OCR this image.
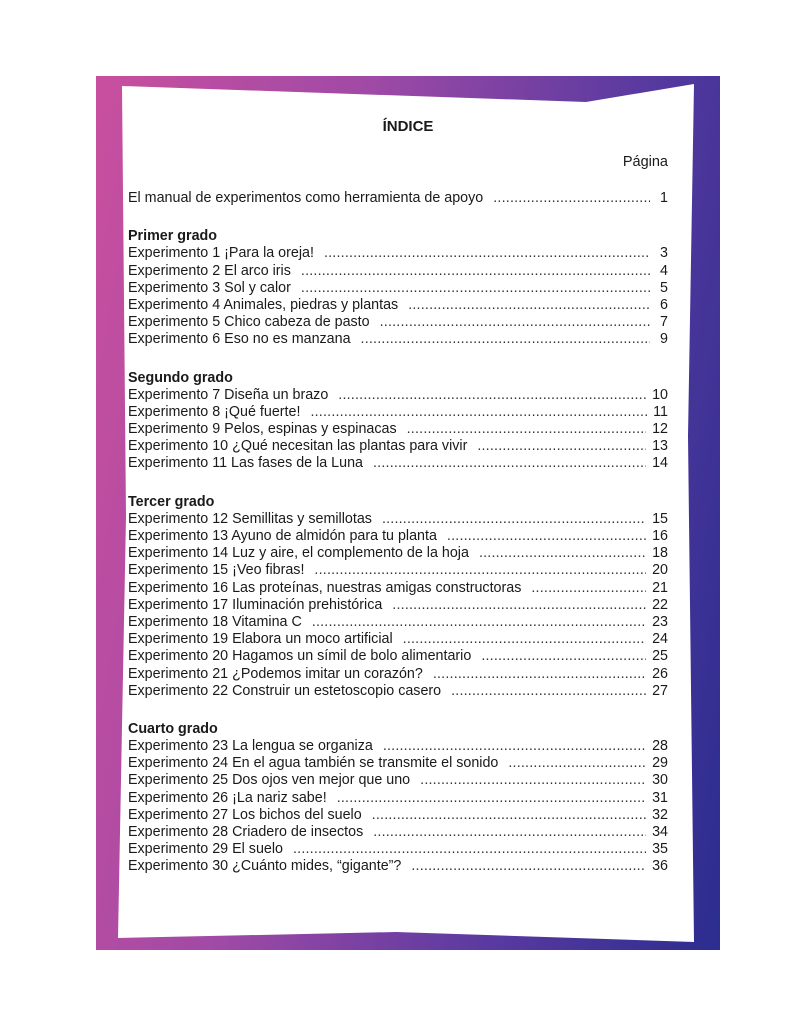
ÍNDICE
Página
El manual de experimentos como herramienta de apoyo .....	1
Primer grado
Experimento 1 ¡Para la oreja! .....	3
Experimento 2 El arco iris .....	4
Experimento 3 Sol y calor .....	5
Experimento 4 Animales, piedras y plantas .....	6
Experimento 5 Chico cabeza de pasto .....	7
Experimento 6 Eso no es manzana .....	9
Segundo grado
Experimento 7 Diseña un brazo .....	10
Experimento 8 ¡Qué fuerte! .....	11
Experimento 9 Pelos, espinas y espinacas .....	12
Experimento 10 ¿Qué necesitan las plantas para vivir .....	13
Experimento 11 Las fases de la Luna .....	14
Tercer grado
Experimento 12 Semillitas y semillotas .....	15
Experimento 13 Ayuno de almidón para tu planta .....	16
Experimento 14 Luz y aire, el complemento de la hoja .....	18
Experimento 15 ¡Veo fibras! .....	20
Experimento 16 Las proteínas, nuestras amigas constructoras .....	21
Experimento 17 Iluminación prehistórica .....	22
Experimento 18 Vitamina C .....	23
Experimento 19 Elabora un moco artificial .....	24
Experimento 20 Hagamos un símil de bolo alimentario .....	25
Experimento 21 ¿Podemos imitar un corazón? .....	26
Experimento 22 Construir un estetoscopio casero .....	27
Cuarto grado
Experimento 23 La lengua se organiza .....	28
Experimento 24 En el agua también se transmite el sonido .....	29
Experimento 25 Dos ojos ven mejor que uno .....	30
Experimento 26 ¡La nariz sabe! .....	31
Experimento 27 Los bichos del suelo .....	32
Experimento 28 Criadero de insectos .....	34
Experimento 29 El suelo .....	35
Experimento 30 ¿Cuánto mides, “gigante”? .....	36
